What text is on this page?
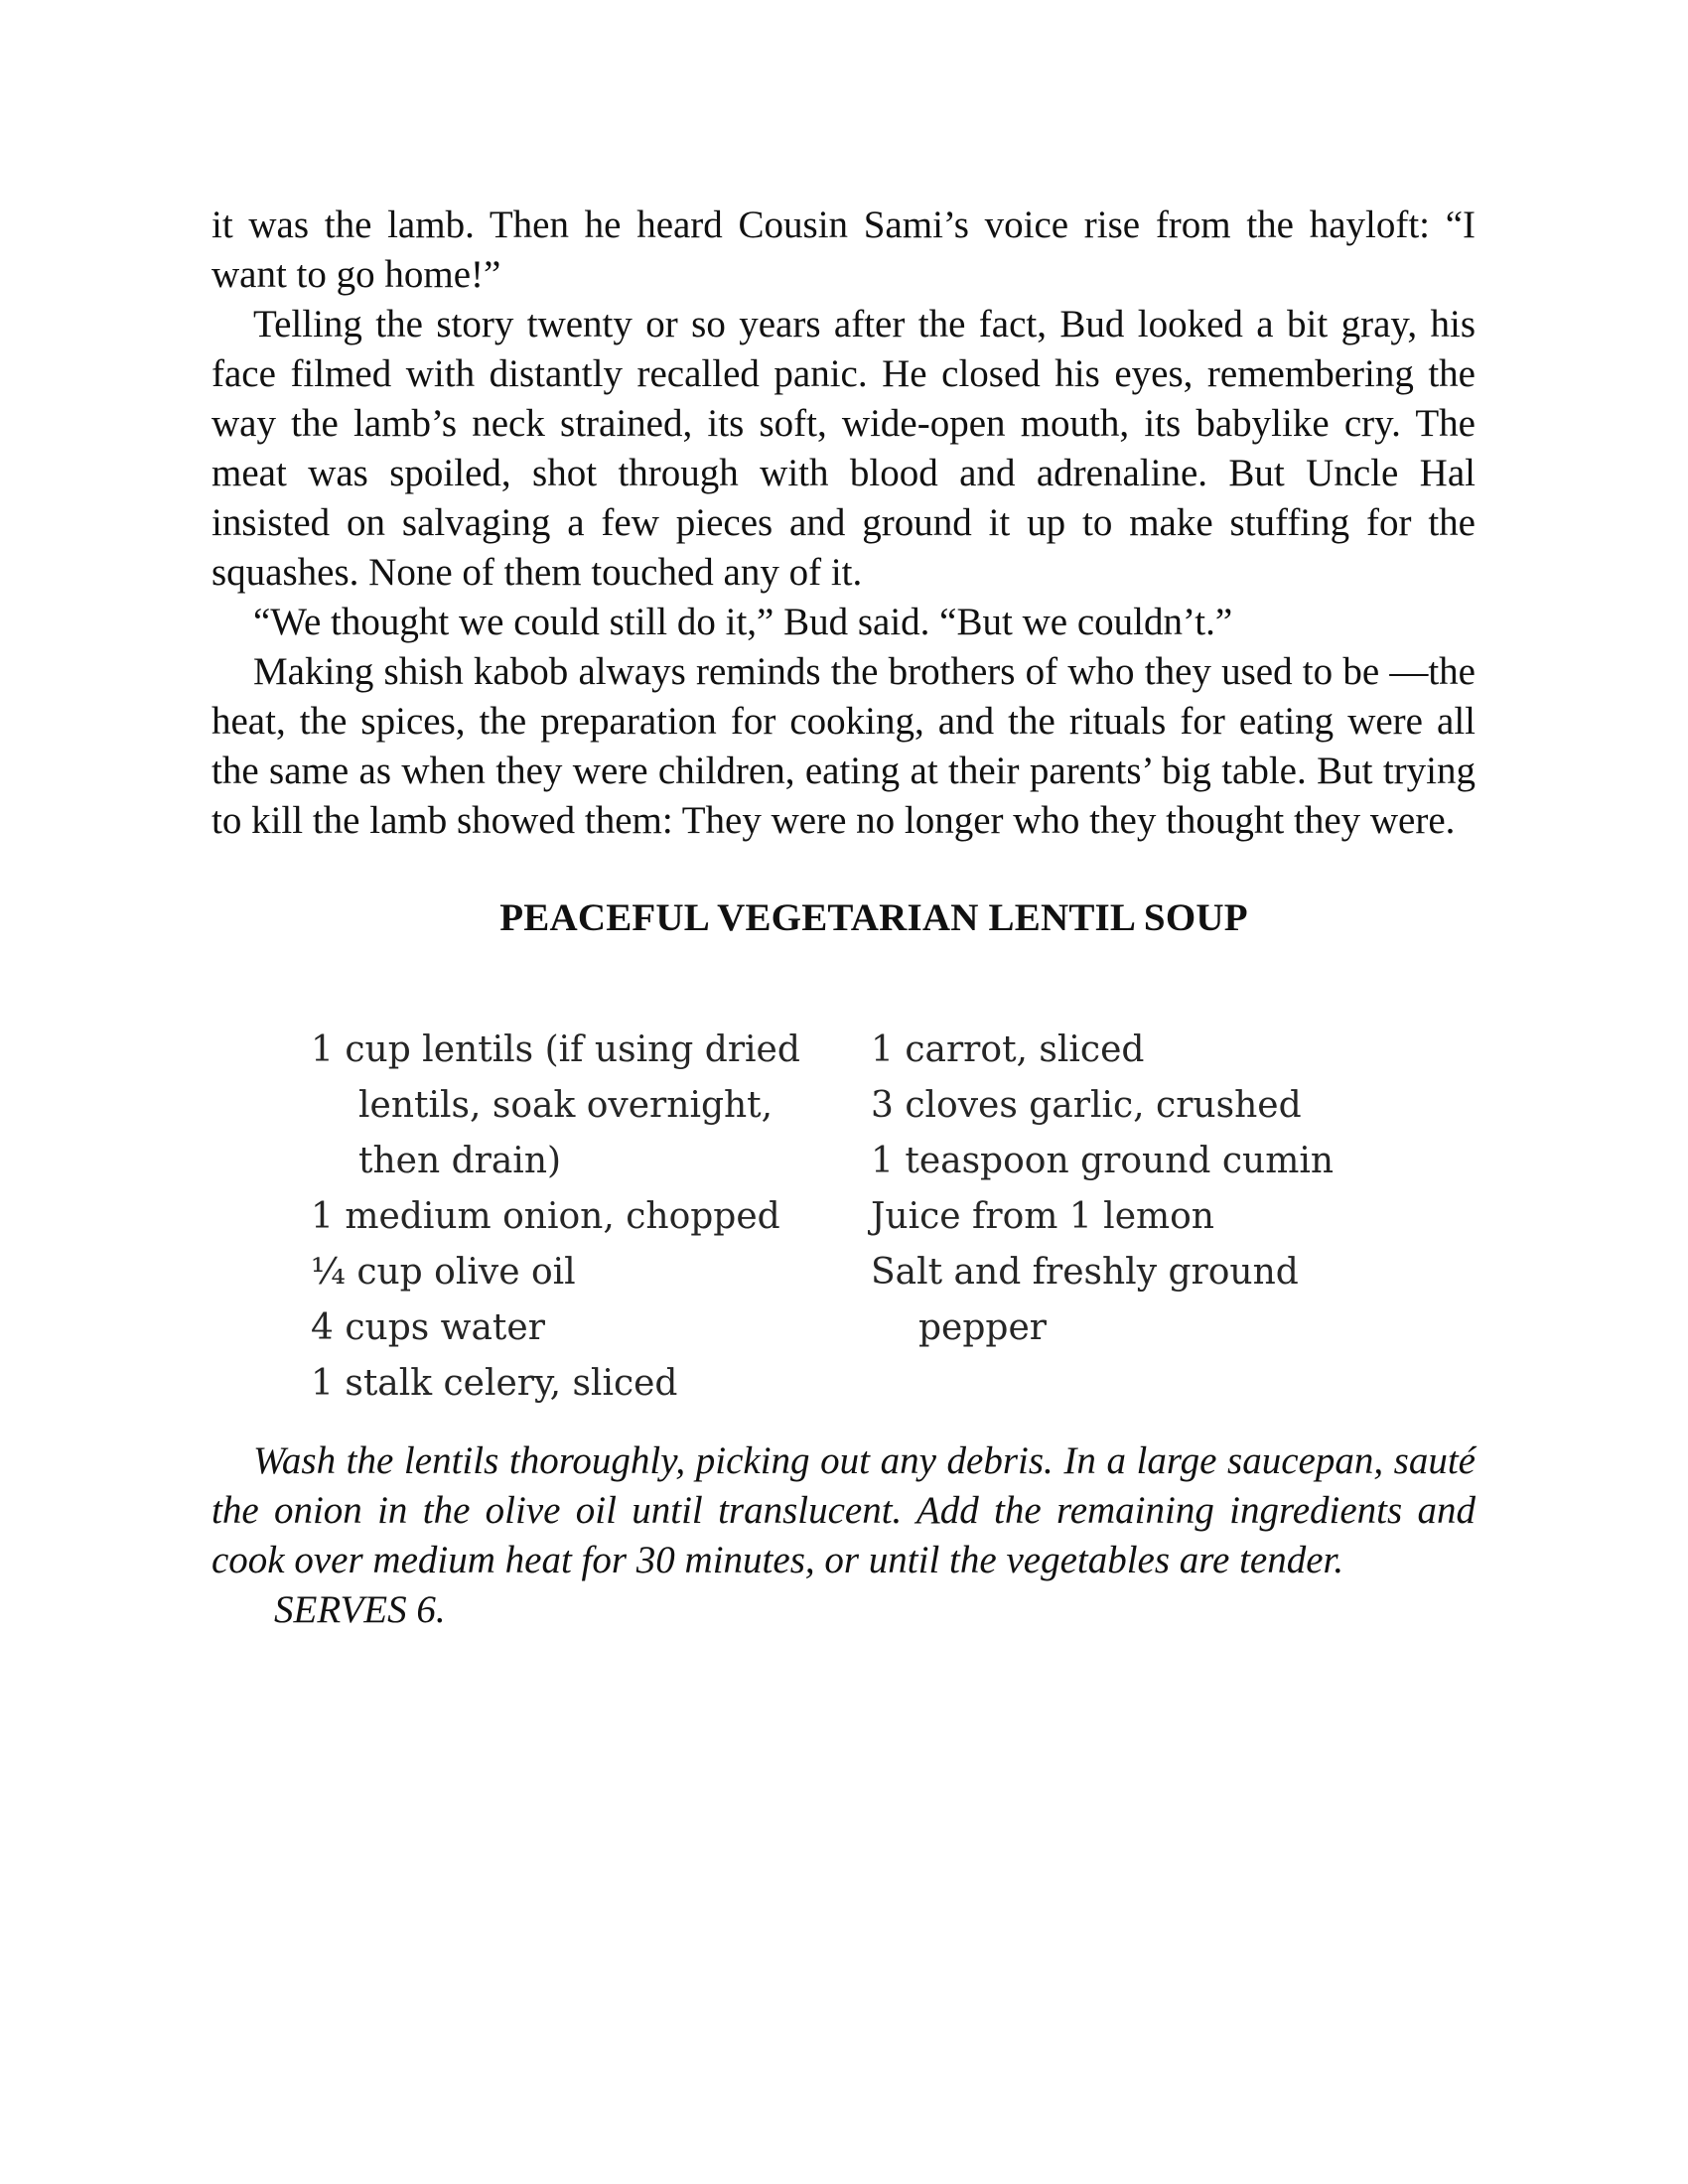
it was the lamb. Then he heard Cousin Sami’s voice rise from the hayloft: “I want to go home!”

Telling the story twenty or so years after the fact, Bud looked a bit gray, his face filmed with distantly recalled panic. He closed his eyes, remembering the way the lamb’s neck strained, its soft, wide-open mouth, its babylike cry. The meat was spoiled, shot through with blood and adrenaline. But Uncle Hal insisted on salvaging a few pieces and ground it up to make stuffing for the squashes. None of them touched any of it.

“We thought we could still do it,” Bud said. “But we couldn’t.”

Making shish kabob always reminds the brothers of who they used to be —the heat, the spices, the preparation for cooking, and the rituals for eating were all the same as when they were children, eating at their parents’ big table. But trying to kill the lamb showed them: They were no longer who they thought they were.

PEACEFUL VEGETARIAN LENTIL SOUP
1 cup lentils (if using dried lentils, soak overnight, then drain)
1 medium onion, chopped
¼ cup olive oil
4 cups water
1 stalk celery, sliced
1 carrot, sliced
3 cloves garlic, crushed
1 teaspoon ground cumin
Juice from 1 lemon
Salt and freshly ground pepper

Wash the lentils thoroughly, picking out any debris. In a large saucepan, sauté the onion in the olive oil until translucent. Add the remaining ingredients and cook over medium heat for 30 minutes, or until the vegetables are tender.

SERVES 6.
